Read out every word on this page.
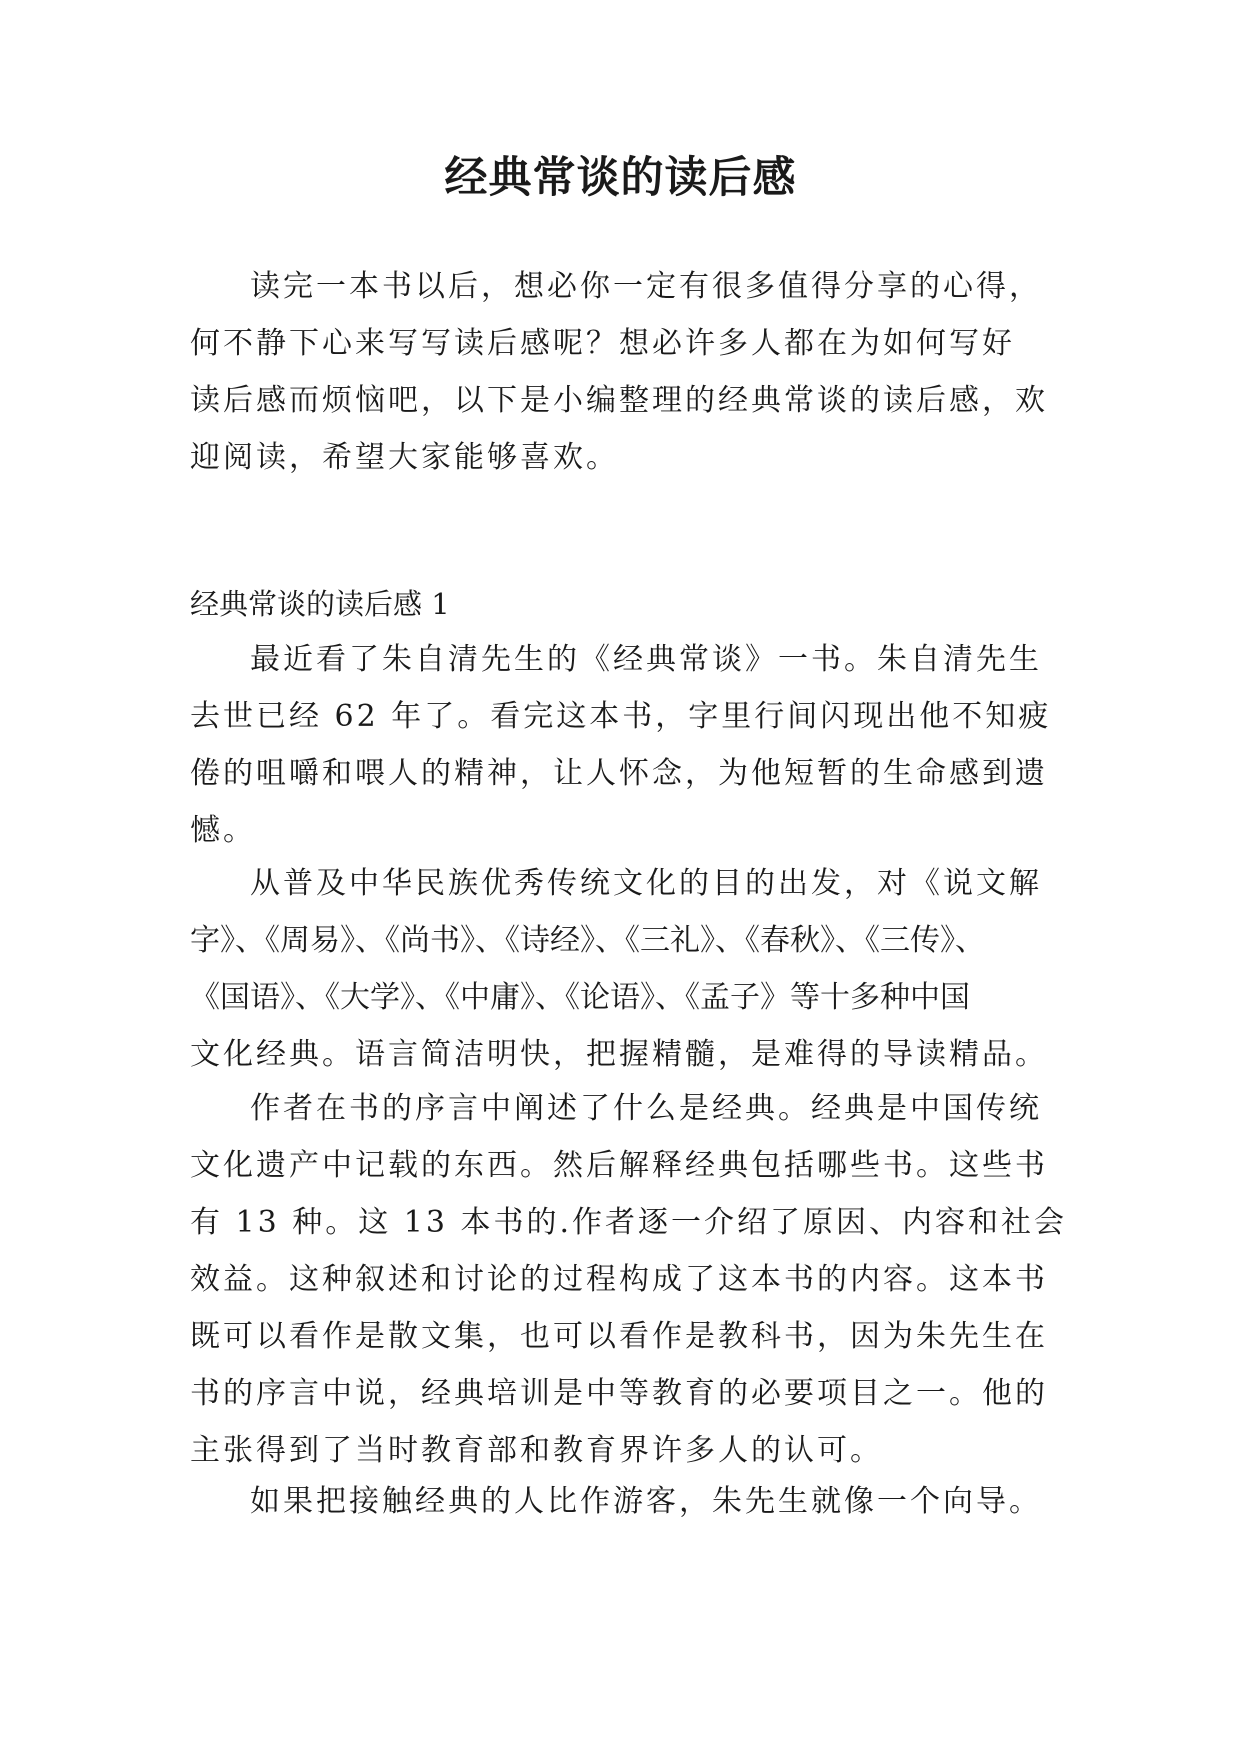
经典常谈的读后感
读完一本书以后，想必你一定有很多值得分享的心得，
何不静下心来写写读后感呢？想必许多人都在为如何写好
读后感而烦恼吧，以下是小编整理的经典常谈的读后感，欢
迎阅读，希望大家能够喜欢。
经典常谈的读后感 1
最近看了朱自清先生的《经典常谈》一书。朱自清先生
去世已经 62 年了。看完这本书，字里行间闪现出他不知疲
倦的咀嚼和喂人的精神，让人怀念，为他短暂的生命感到遗
憾。
从普及中华民族优秀传统文化的目的出发，对《说文解
字》、《周易》、《尚书》、《诗经》、《三礼》、《春秋》、《三传》、
《国语》、《大学》、《中庸》、《论语》、《孟子》等十多种中国
文化经典。语言简洁明快，把握精髓，是难得的导读精品。
作者在书的序言中阐述了什么是经典。经典是中国传统
文化遗产中记载的东西。然后解释经典包括哪些书。这些书
有 13 种。这 13 本书的.作者逐一介绍了原因、内容和社会
效益。这种叙述和讨论的过程构成了这本书的内容。这本书
既可以看作是散文集，也可以看作是教科书，因为朱先生在
书的序言中说，经典培训是中等教育的必要项目之一。他的
主张得到了当时教育部和教育界许多人的认可。
如果把接触经典的人比作游客，朱先生就像一个向导。
